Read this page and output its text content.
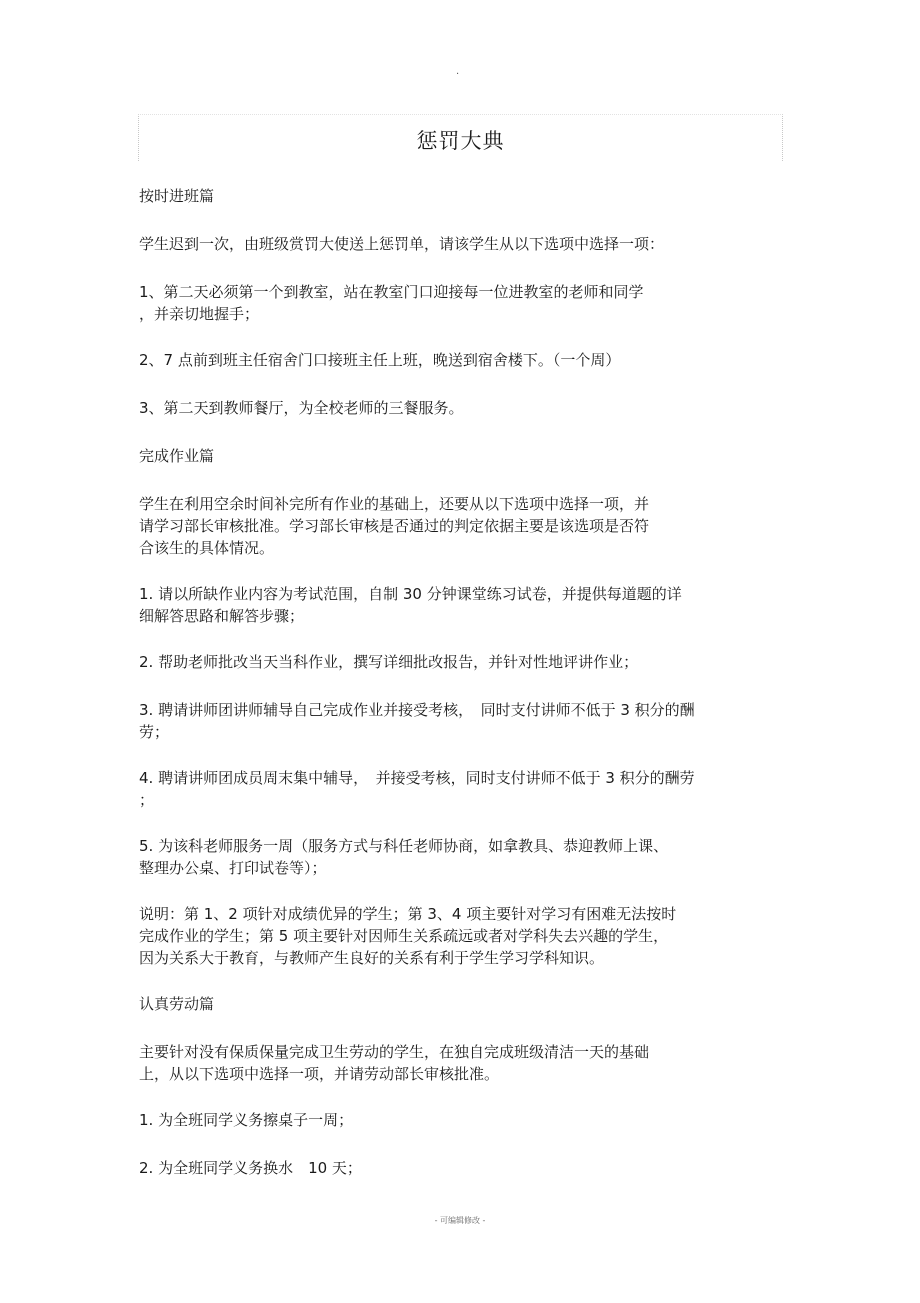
.
惩罚大典

按时进班篇

学生迟到一次，由班级赏罚大使送上惩罚单，请该学生从以下选项中选择一项：

1、第二天必须第一个到教室，站在教室门口迎接每一位进教室的老师和同学

，并亲切地握手；

2、7 点前到班主任宿舍门口接班主任上班，晚送到宿舍楼下。（一个周）

3、第二天到教师餐厅，为全校老师的三餐服务。

完成作业篇

学生在利用空余时间补完所有作业的基础上，还要从以下选项中选择一项，并

请学习部长审核批准。学习部长审核是否通过的判定依据主要是该选项是否符

合该生的具体情况。

1. 请以所缺作业内容为考试范围，自制 30 分钟课堂练习试卷，并提供每道题的详

细解答思路和解答步骤；

2. 帮助老师批改当天当科作业，撰写详细批改报告，并针对性地评讲作业；

3. 聘请讲师团讲师辅导自己完成作业并接受考核，　同时支付讲师不低于 3 积分的酬

劳；

4. 聘请讲师团成员周末集中辅导，　并接受考核，同时支付讲师不低于 3 积分的酬劳

；

5. 为该科老师服务一周（服务方式与科任老师协商，如拿教具、恭迎教师上课、

整理办公桌、打印试卷等）；

说明：第 1、2 项针对成绩优异的学生；第 3、4 项主要针对学习有困难无法按时

完成作业的学生；第 5 项主要针对因师生关系疏远或者对学科失去兴趣的学生，

因为关系大于教育，与教师产生良好的关系有利于学生学习学科知识。

认真劳动篇

主要针对没有保质保量完成卫生劳动的学生，在独自完成班级清洁一天的基础

上，从以下选项中选择一项，并请劳动部长审核批准。

1. 为全班同学义务擦桌子一周；

2. 为全班同学义务换水　10 天；

- 可编辑修改 -
